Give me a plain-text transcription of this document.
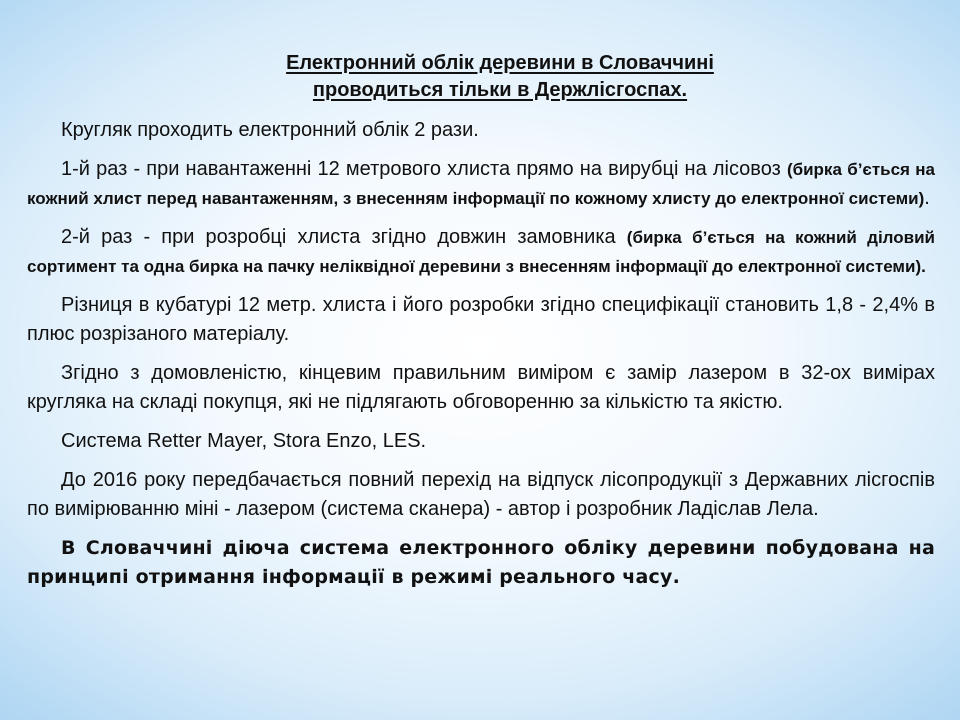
Електронний облік деревини в Словаччині
проводиться тільки в Держлісгоспах.

Кругляк проходить електронний облік 2 рази.

1-й раз - при навантаженні 12 метрового хлиста прямо на вирубці на лісовоз (бирка б’ється на кожний хлист перед навантаженням, з внесенням інформації по кожному хлисту до електронної системи).

2-й раз - при розробці хлиста згідно довжин замовника (бирка б’ється на кожний діловий сортимент та одна бирка на пачку неліквідної деревини з внесенням інформації до електронної системи).

Різниця в кубатурі 12 метр. хлиста і його розробки згідно специфікації становить 1,8 - 2,4% в плюс розрізаного матеріалу.

Згідно з домовленістю, кінцевим правильним виміром є замір лазером в 32-ох вимірах кругляка на складі покупця, які не підлягають обговоренню за кількістю та якістю.

Система Retter Mayer, Stora Enzo, LES.

До 2016 року передбачається повний перехід на відпуск лісопродукції з Державних лісгоспів по вимірюванню міні - лазером (система сканера) - автор і розробник Ладіслав Лела.

В Словаччині діюча система електронного обліку деревини побудована на принципі отримання інформації в режимі реального часу.
